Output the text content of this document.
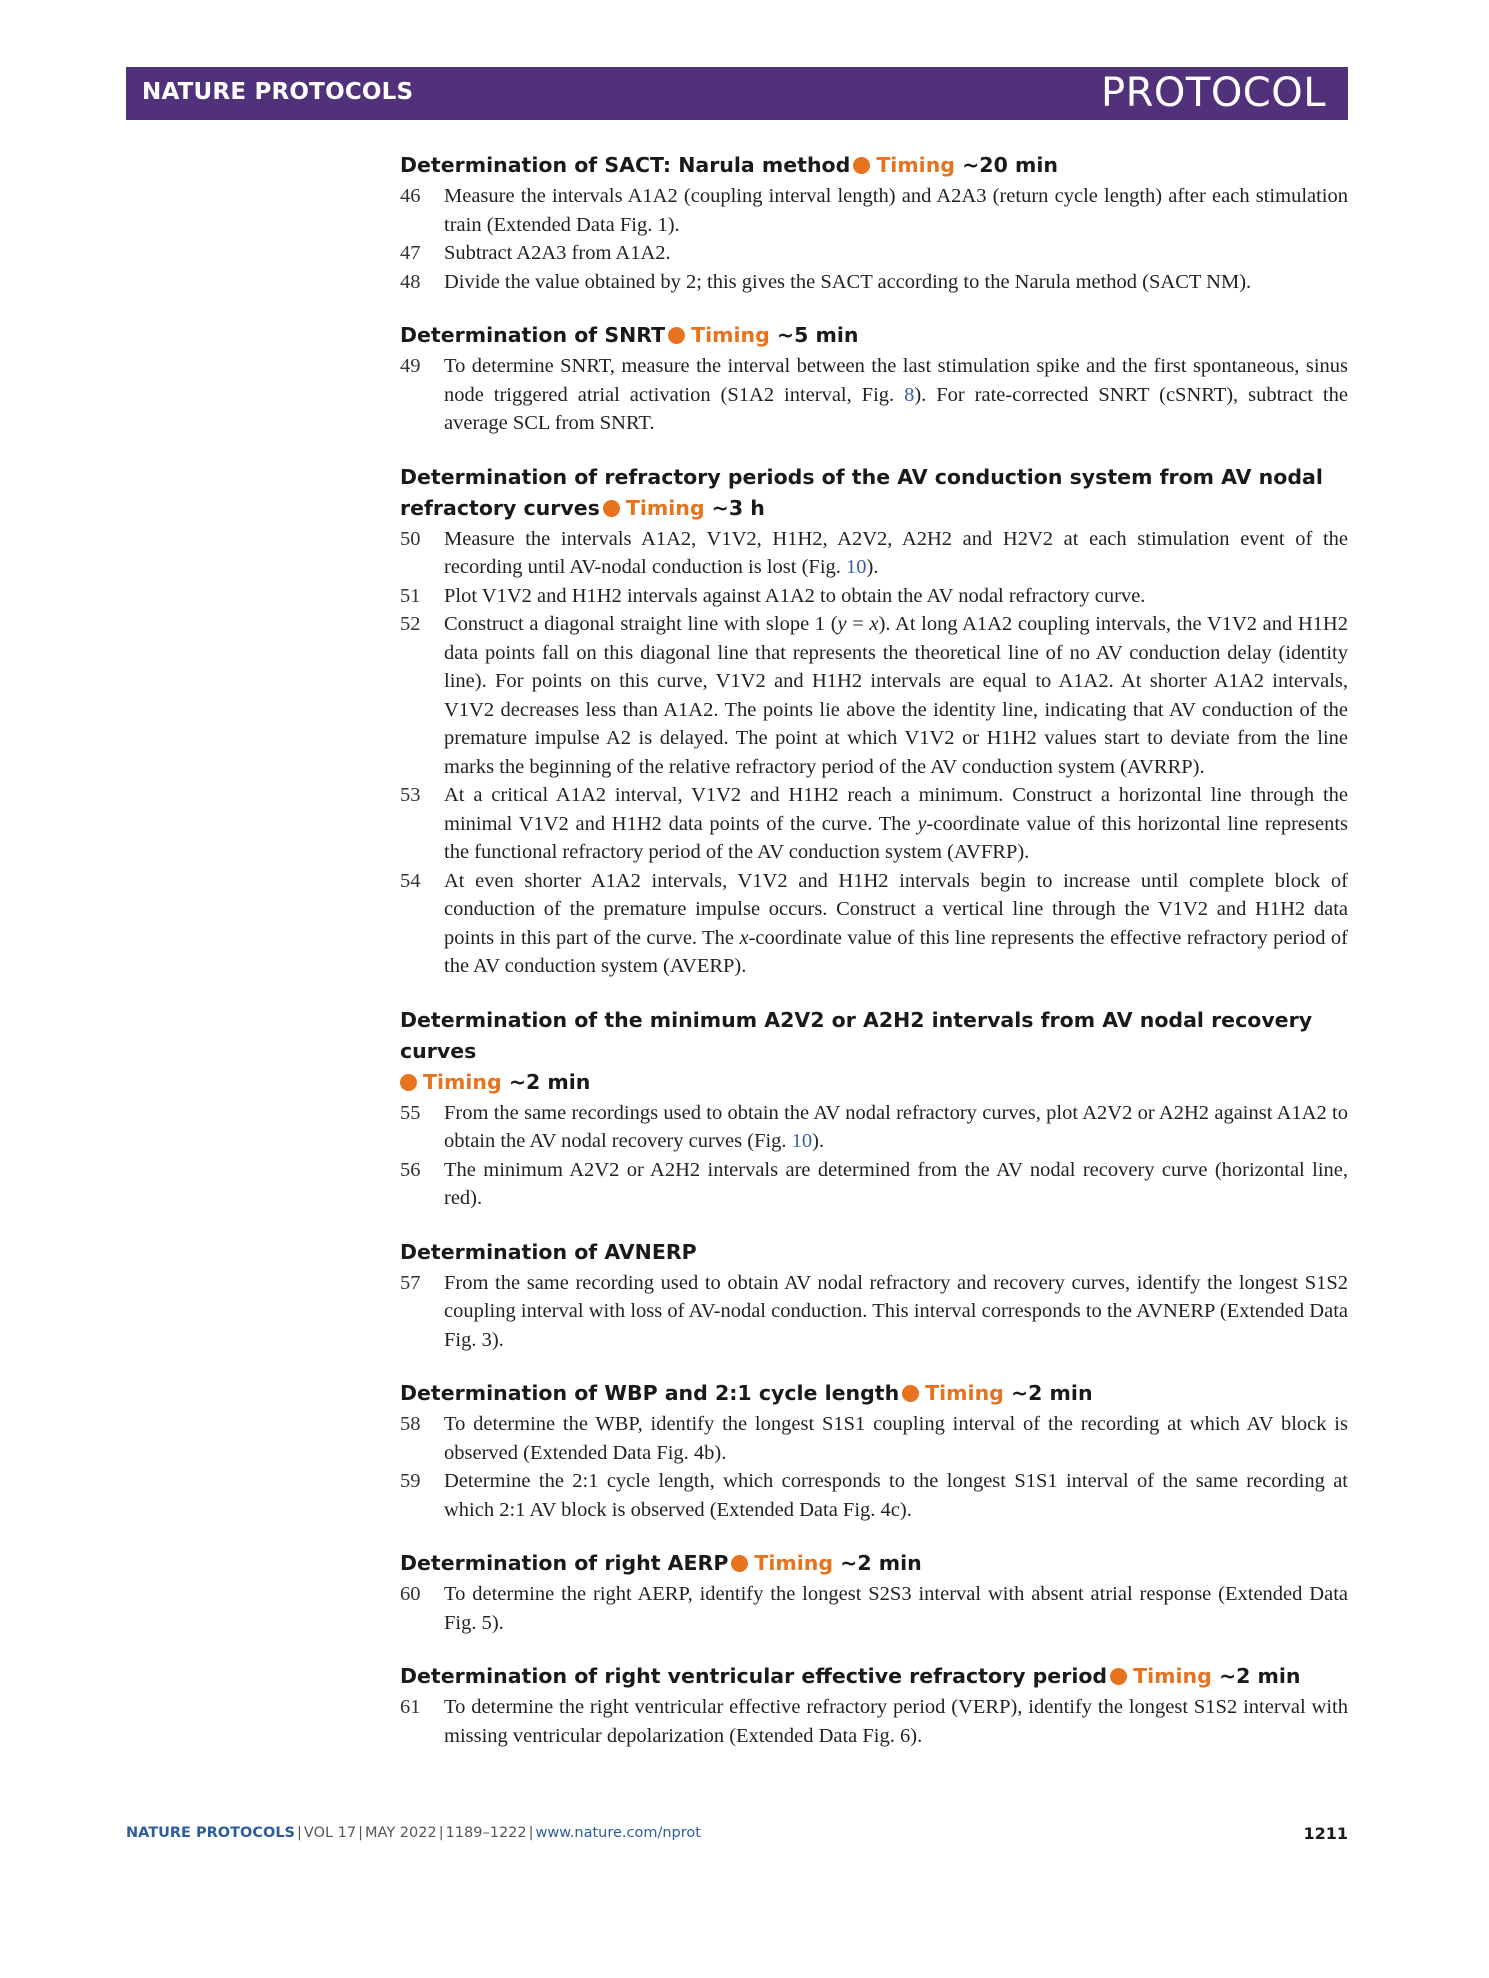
NATURE PROTOCOLS	PROTOCOL
Determination of SACT: Narula method Timing ~20 min
46	Measure the intervals A1A2 (coupling interval length) and A2A3 (return cycle length) after each stimulation train (Extended Data Fig. 1).
47	Subtract A2A3 from A1A2.
48	Divide the value obtained by 2; this gives the SACT according to the Narula method (SACT NM).
Determination of SNRT Timing ~5 min
49	To determine SNRT, measure the interval between the last stimulation spike and the first spontaneous, sinus node triggered atrial activation (S1A2 interval, Fig. 8). For rate-corrected SNRT (cSNRT), subtract the average SCL from SNRT.
Determination of refractory periods of the AV conduction system from AV nodal
refractory curves Timing ~3 h
50	Measure the intervals A1A2, V1V2, H1H2, A2V2, A2H2 and H2V2 at each stimulation event of the recording until AV-nodal conduction is lost (Fig. 10).
51	Plot V1V2 and H1H2 intervals against A1A2 to obtain the AV nodal refractory curve.
52	Construct a diagonal straight line with slope 1 (y = x). At long A1A2 coupling intervals, the V1V2 and H1H2 data points fall on this diagonal line that represents the theoretical line of no AV conduction delay (identity line). For points on this curve, V1V2 and H1H2 intervals are equal to A1A2. At shorter A1A2 intervals, V1V2 decreases less than A1A2. The points lie above the identity line, indicating that AV conduction of the premature impulse A2 is delayed. The point at which V1V2 or H1H2 values start to deviate from the line marks the beginning of the relative refractory period of the AV conduction system (AVRRP).
53	At a critical A1A2 interval, V1V2 and H1H2 reach a minimum. Construct a horizontal line through the minimal V1V2 and H1H2 data points of the curve. The y-coordinate value of this horizontal line represents the functional refractory period of the AV conduction system (AVFRP).
54	At even shorter A1A2 intervals, V1V2 and H1H2 intervals begin to increase until complete block of conduction of the premature impulse occurs. Construct a vertical line through the V1V2 and H1H2 data points in this part of the curve. The x-coordinate value of this line represents the effective refractory period of the AV conduction system (AVERP).
Determination of the minimum A2V2 or A2H2 intervals from AV nodal recovery curves
Timing ~2 min
55	From the same recordings used to obtain the AV nodal refractory curves, plot A2V2 or A2H2 against A1A2 to obtain the AV nodal recovery curves (Fig. 10).
56	The minimum A2V2 or A2H2 intervals are determined from the AV nodal recovery curve (horizontal line, red).
Determination of AVNERP
57	From the same recording used to obtain AV nodal refractory and recovery curves, identify the longest S1S2 coupling interval with loss of AV-nodal conduction. This interval corresponds to the AVNERP (Extended Data Fig. 3).
Determination of WBP and 2:1 cycle length Timing ~2 min
58	To determine the WBP, identify the longest S1S1 coupling interval of the recording at which AV block is observed (Extended Data Fig. 4b).
59	Determine the 2:1 cycle length, which corresponds to the longest S1S1 interval of the same recording at which 2:1 AV block is observed (Extended Data Fig. 4c).
Determination of right AERP Timing ~2 min
60	To determine the right AERP, identify the longest S2S3 interval with absent atrial response (Extended Data Fig. 5).
Determination of right ventricular effective refractory period Timing ~2 min
61	To determine the right ventricular effective refractory period (VERP), identify the longest S1S2 interval with missing ventricular depolarization (Extended Data Fig. 6).
NATURE PROTOCOLS | VOL 17 | MAY 2022 | 1189–1222 | www.nature.com/nprot	1211
